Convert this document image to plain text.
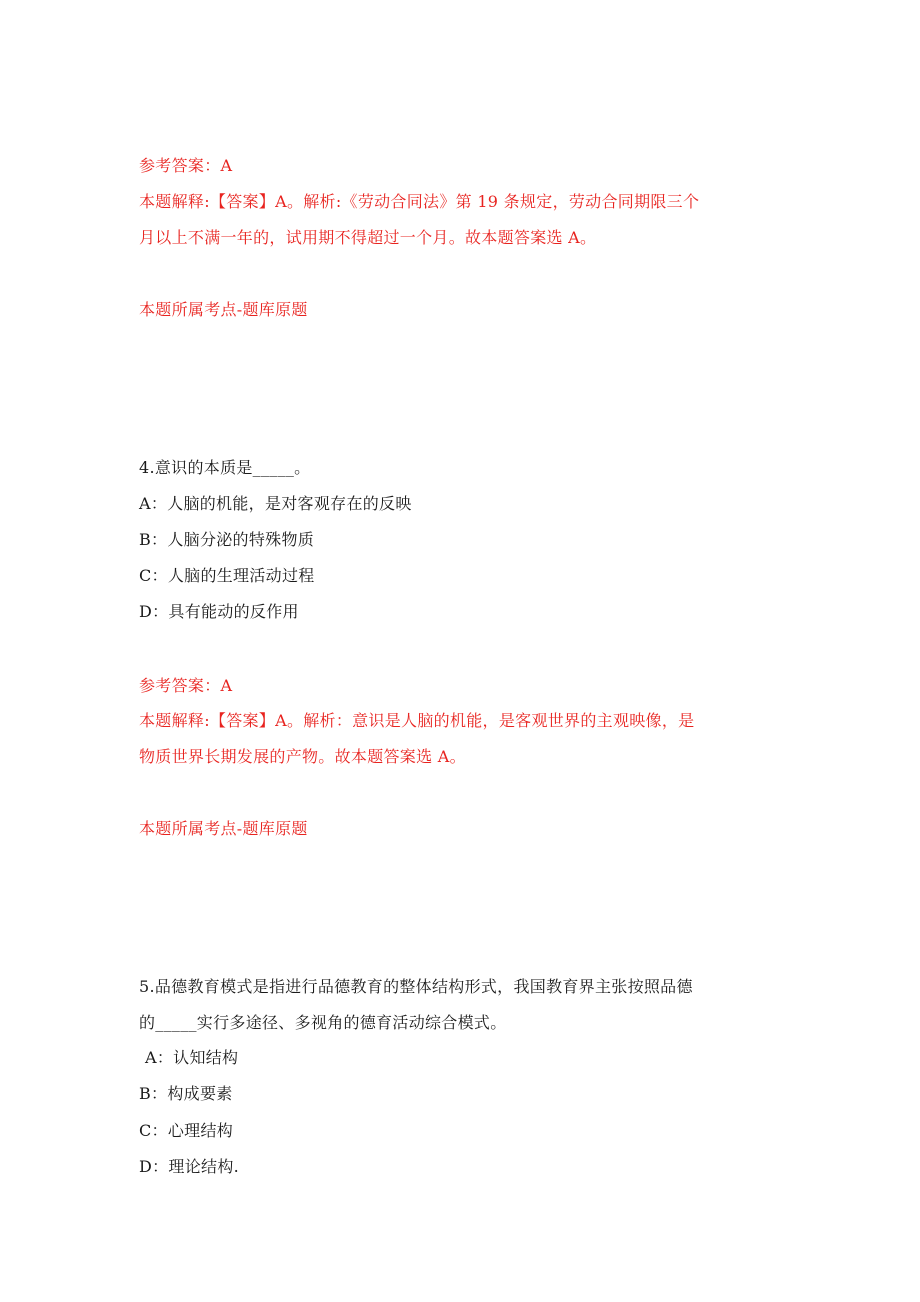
参考答案：A
本题解释:【答案】A。解析:《劳动合同法》第 19 条规定，劳动合同期限三个
月以上不满一年的，试用期不得超过一个月。故本题答案选 A。
本题所属考点-题库原题
4.意识的本质是_____。
A：人脑的机能，是对客观存在的反映
B：人脑分泌的特殊物质
C：人脑的生理活动过程
D：具有能动的反作用
参考答案：A
本题解释:【答案】A。解析：意识是人脑的机能，是客观世界的主观映像，是
物质世界长期发展的产物。故本题答案选 A。
本题所属考点-题库原题
5.品德教育模式是指进行品德教育的整体结构形式，我国教育界主张按照品德
的_____实行多途径、多视角的德育活动综合模式。
A：认知结构
B：构成要素
C：心理结构
D：理论结构.
